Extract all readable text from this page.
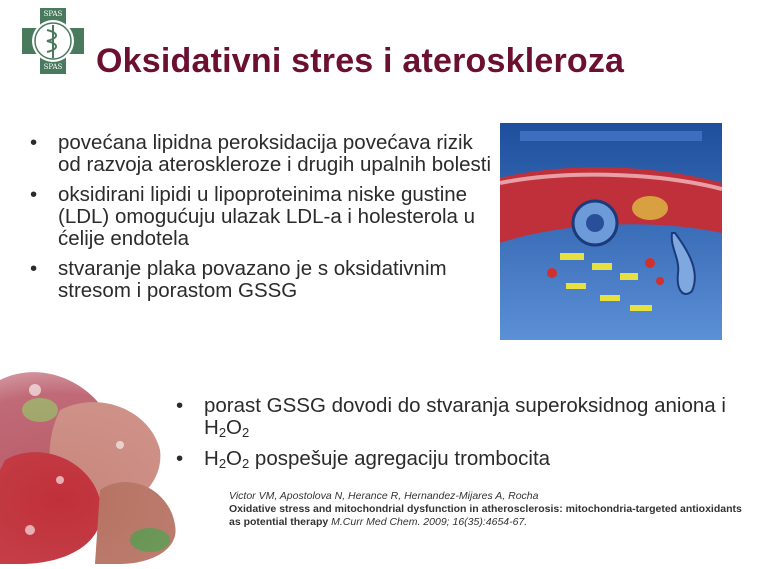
SPAS
SPAS Oksidativni stres i ateroskleroza
• povećana lipidna peroksidacija povećava rizik od razvoja ateroskleroze i drugih upalnih bolesti
• oksidirani lipidi u lipoproteinima niske gustine (LDL) omogućuju ulazak LDL-a i holesterola u ćelije endotela
• stvaranje plaka povazano je s oksidativnim stresom i porastom GSSG
• porast GSSG dovodi do stvaranja superoksidnog aniona i $H_2O_2$
• $H_2O_2$ pospešuje agregaciju trombocita
Victor VM, Apostolova N, Herance R, Hernandez-Mijares A, Rocha
Oxidative stress and mitochondrial dysfunction in atherosclerosis: mitochondria-targeted antioxidants as potential therapy M.Curr Med Chem. 2009; 16(35):4654-67.
